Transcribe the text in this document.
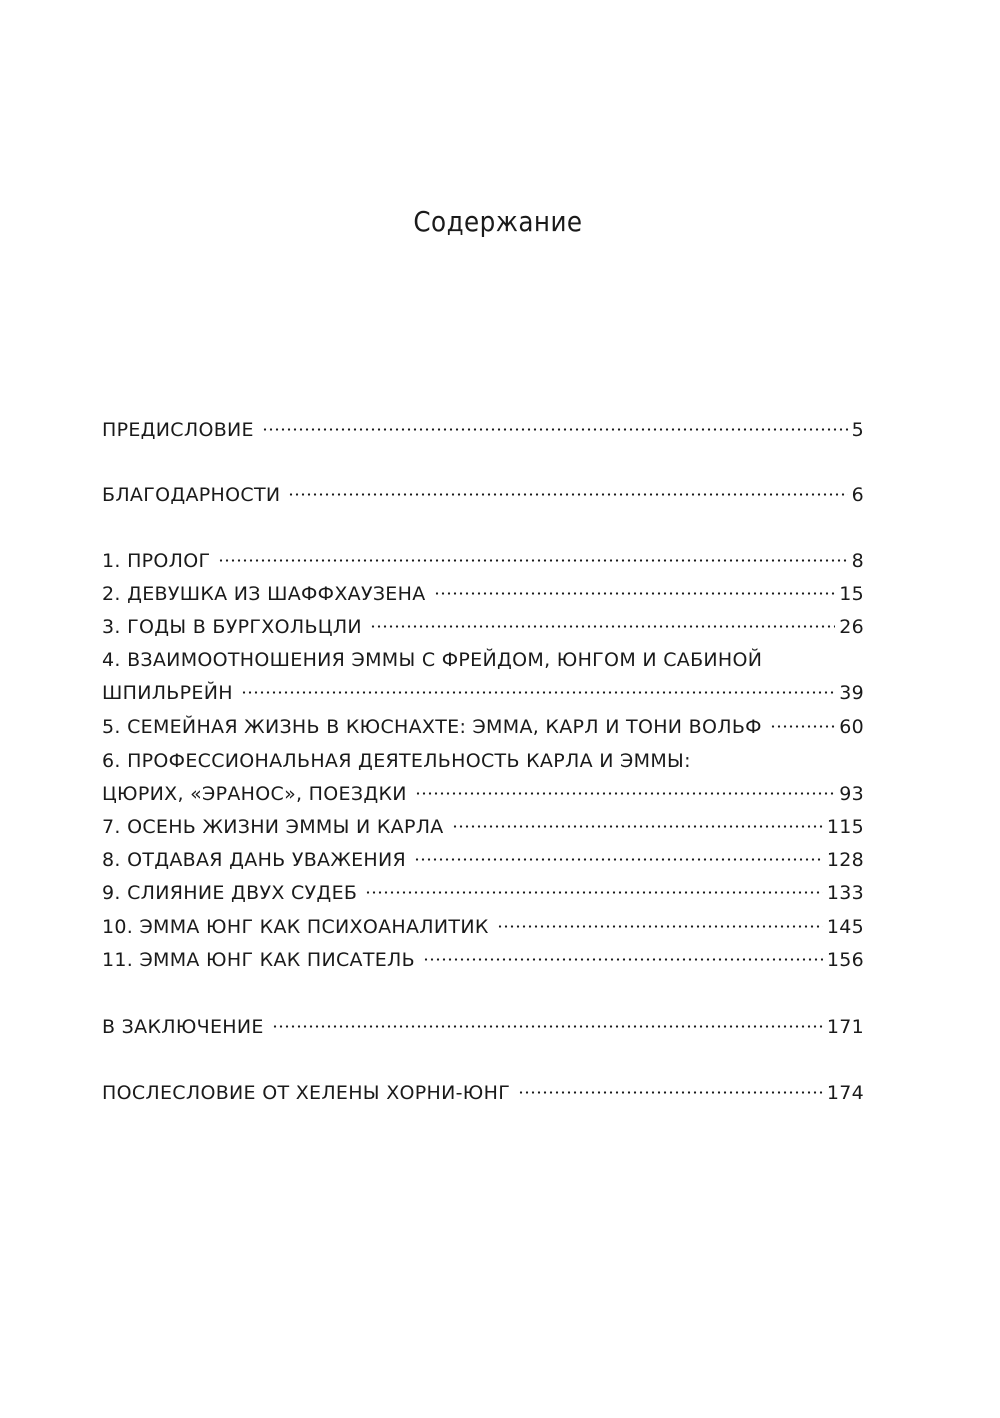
Содержание
ПРЕДИСЛОВИЕ	5
БЛАГОДАРНОСТИ	6
1. ПРОЛОГ	8
2. ДЕВУШКА ИЗ ШАФФХАУЗЕНА	15
3. ГОДЫ В БУРГХОЛЬЦЛИ	26
4. ВЗАИМООТНОШЕНИЯ ЭММЫ С ФРЕЙДОМ, ЮНГОМ И САБИНОЙ
ШПИЛЬРЕЙН	39
5. СЕМЕЙНАЯ ЖИЗНЬ В КЮСНАХТЕ: ЭММА, КАРЛ И ТОНИ ВОЛЬФ	60
6. ПРОФЕССИОНАЛЬНАЯ ДЕЯТЕЛЬНОСТЬ КАРЛА И ЭММЫ:
ЦЮРИХ, «ЭРАНОС», ПОЕЗДКИ	93
7. ОСЕНЬ ЖИЗНИ ЭММЫ И КАРЛА	115
8. ОТДАВАЯ ДАНЬ УВАЖЕНИЯ	128
9. СЛИЯНИЕ ДВУХ СУДЕБ	133
10. ЭММА ЮНГ КАК ПСИХОАНАЛИТИК	145
11. ЭММА ЮНГ КАК ПИСАТЕЛЬ	156
В ЗАКЛЮЧЕНИЕ	171
ПОСЛЕСЛОВИЕ ОТ ХЕЛЕНЫ ХОРНИ-ЮНГ	174
